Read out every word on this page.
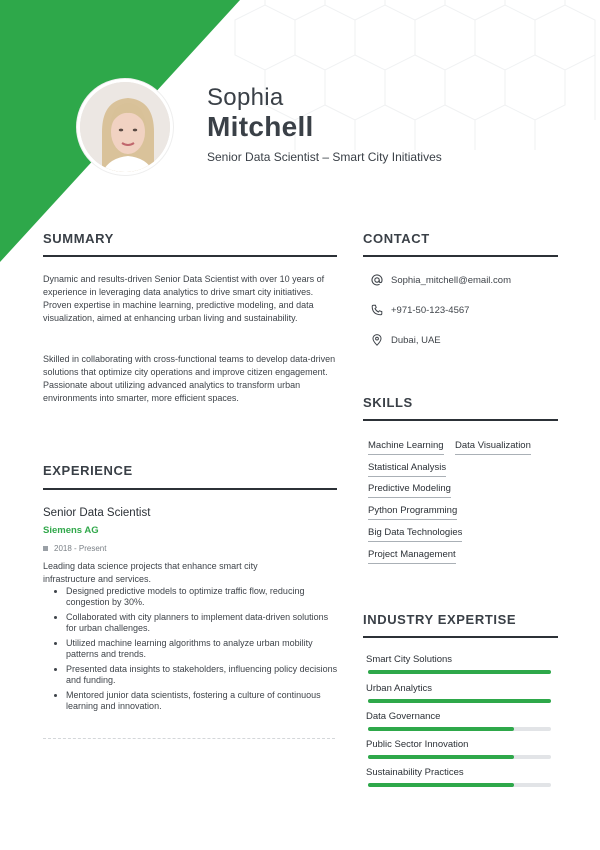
Sophia
Mitchell
Senior Data Scientist – Smart City Initiatives
SUMMARY
Dynamic and results-driven Senior Data Scientist with over 10 years of experience in leveraging data analytics to drive smart city initiatives. Proven expertise in machine learning, predictive modeling, and data visualization, aimed at enhancing urban living and sustainability.
Skilled in collaborating with cross-functional teams to develop data-driven solutions that optimize city operations and improve citizen engagement. Passionate about utilizing advanced analytics to transform urban environments into smarter, more efficient spaces.
CONTACT
Sophia_mitchell@email.com
+971-50-123-4567
Dubai, UAE
SKILLS
Machine Learning Data Visualization
Statistical Analysis
Predictive Modeling
Python Programming
Big Data Technologies
Project Management
EXPERIENCE
Senior Data Scientist
Siemens AG
2018 - Present
Leading data science projects that enhance smart city infrastructure and services.
• Designed predictive models to optimize traffic flow, reducing congestion by 30%.
• Collaborated with city planners to implement data-driven solutions for urban challenges.
• Utilized machine learning algorithms to analyze urban mobility patterns and trends.
• Presented data insights to stakeholders, influencing policy decisions and funding.
• Mentored junior data scientists, fostering a culture of continuous learning and innovation.
INDUSTRY EXPERTISE
Smart City Solutions
Urban Analytics
Data Governance
Public Sector Innovation
Sustainability Practices
